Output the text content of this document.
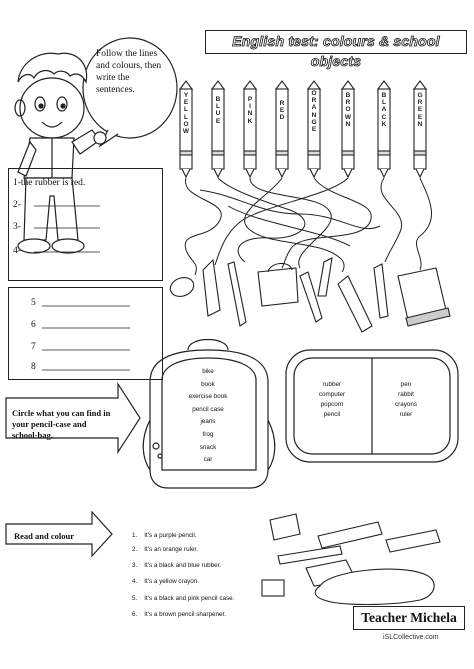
English test: colours & school objects
Follow the lines and colours, then write the sentences.
1-the rubber is red.
2-
3-
4-
5
6
7
8
Y
E
L
L
O
W
B
L
U
E
P
I
N
K
R
E
D
O
R
A
N
G
E
B
R
O
W
N
B
L
A
C
K
G
R
E
E
N
Circle what you can find in your pencil-case and school-bag.
bike
book
exercise book
pencil case
jeans
frog
snack
car
rubber
computer
popcorn
pencil
pen
rabbit
crayons
ruler
Read and colour	1. It's a purple pencil.
2. It's an orange ruler.
3. It's a black and blue rubber.
4. It's a yellow crayon.
5. It's a black and pink pencil case.
6. It's a brown pencil sharpener.	Teacher Michela
iSLCollective.com
